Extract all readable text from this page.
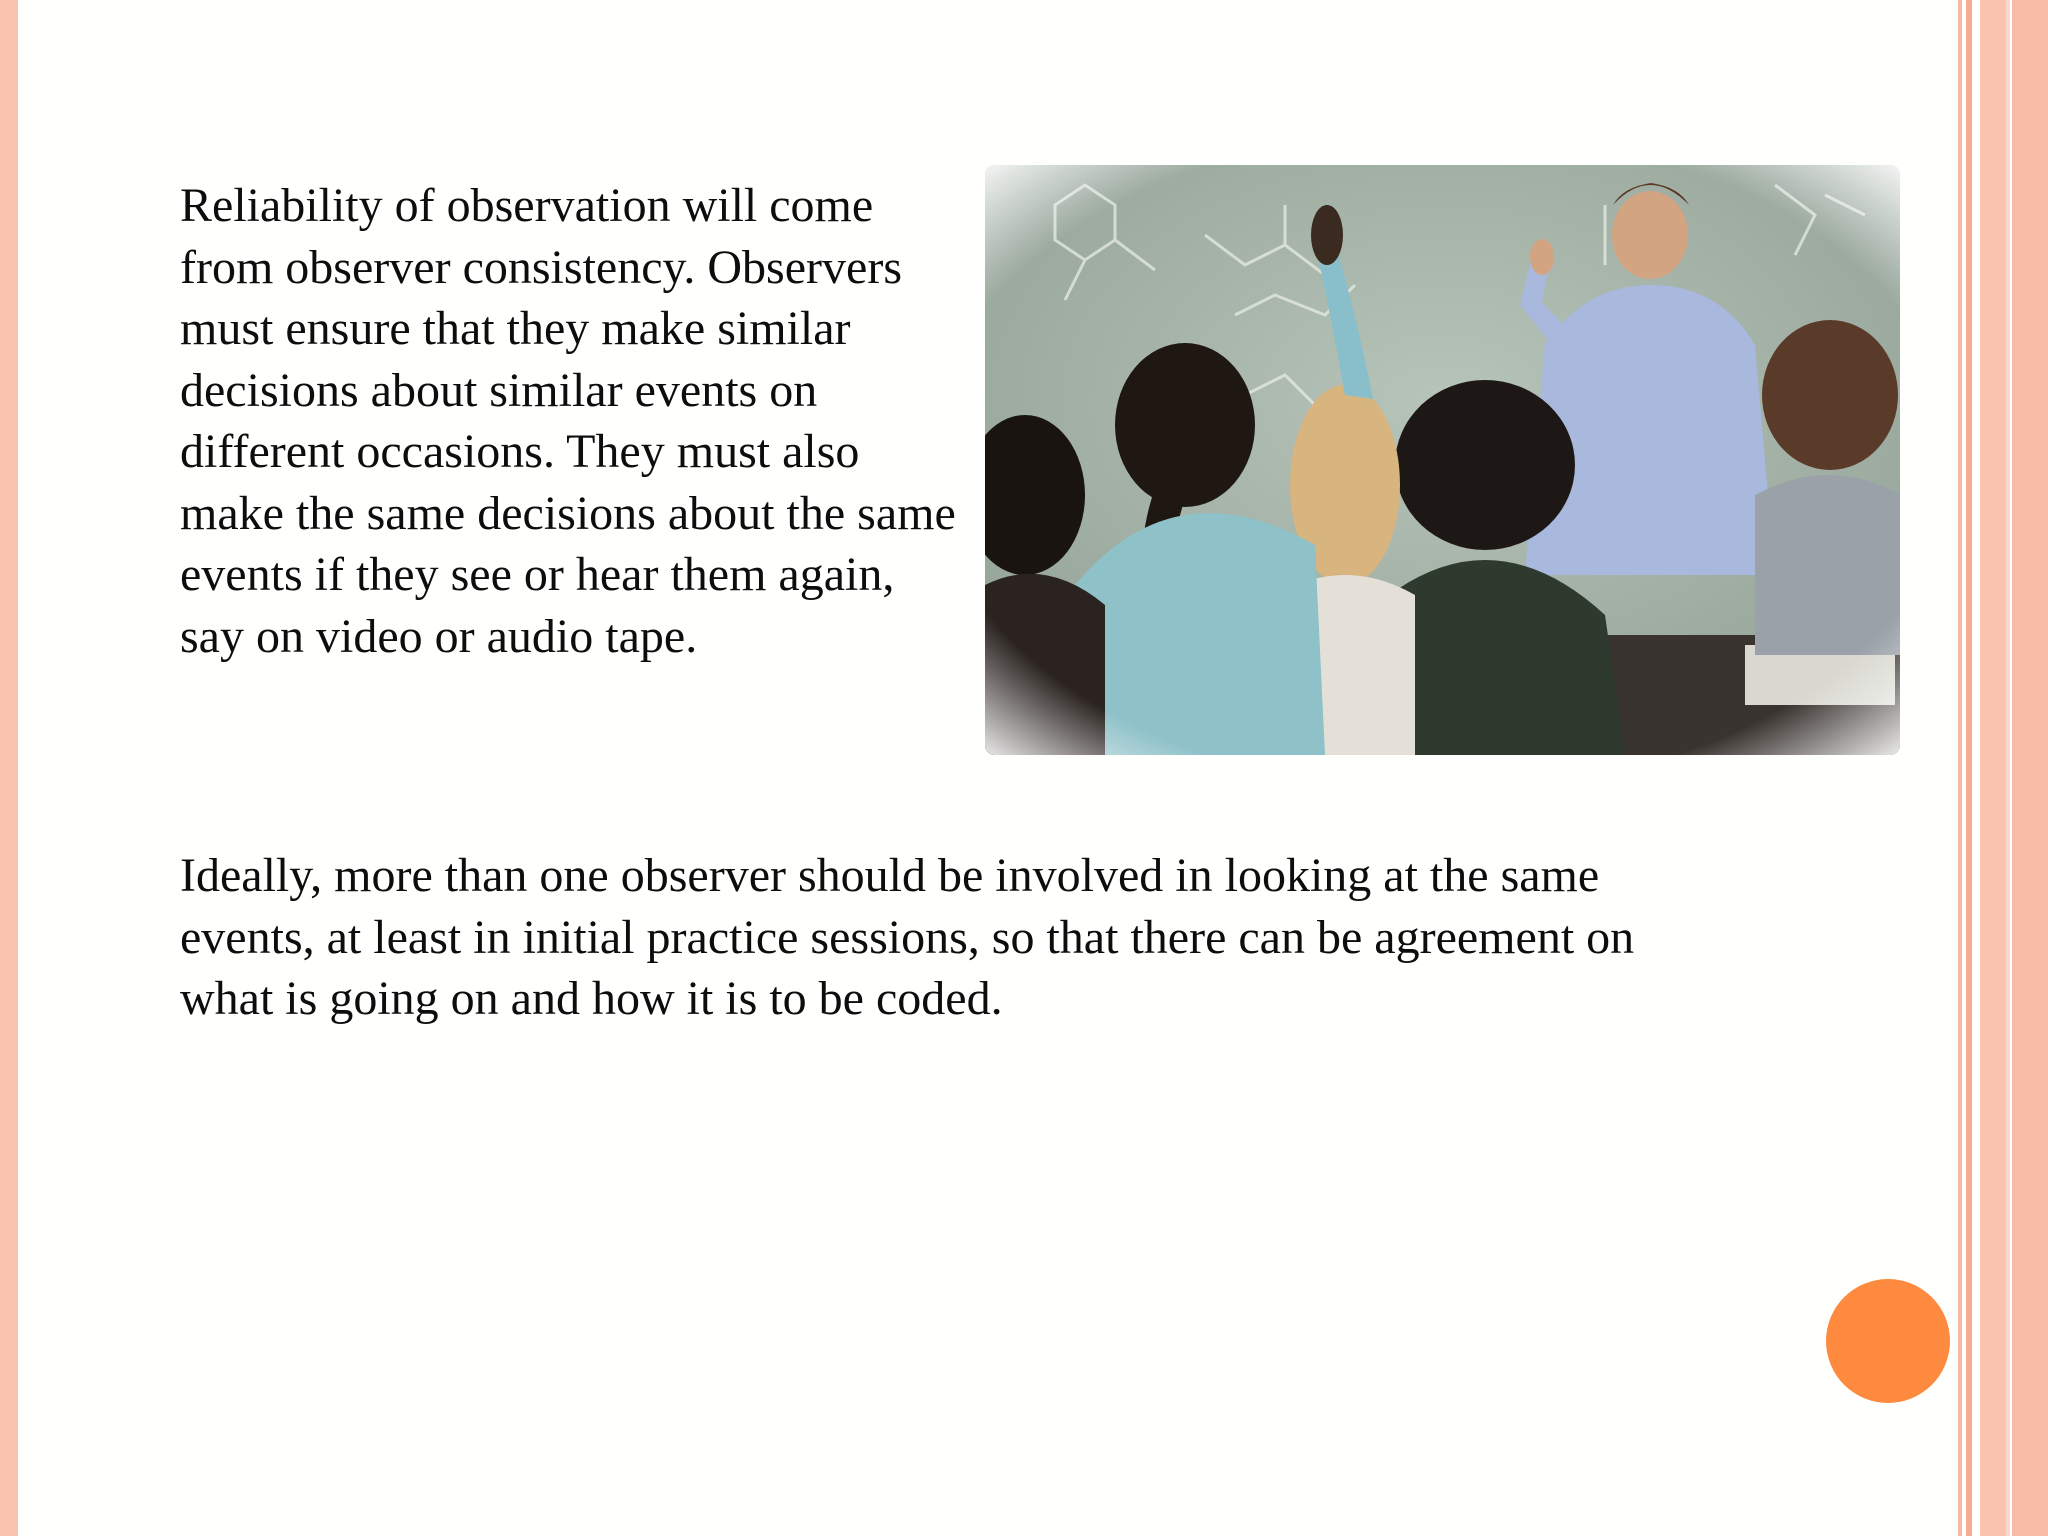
Reliability of observation will come from observer consistency. Observers must ensure that they make similar decisions about similar events on different occasions. They must also make the same decisions about the same events if they see or hear them again, say on video or audio tape.

Ideally, more than one observer should be involved in looking at the same events, at least in initial practice sessions, so that there can be agreement on what is going on and how it is to be coded.
